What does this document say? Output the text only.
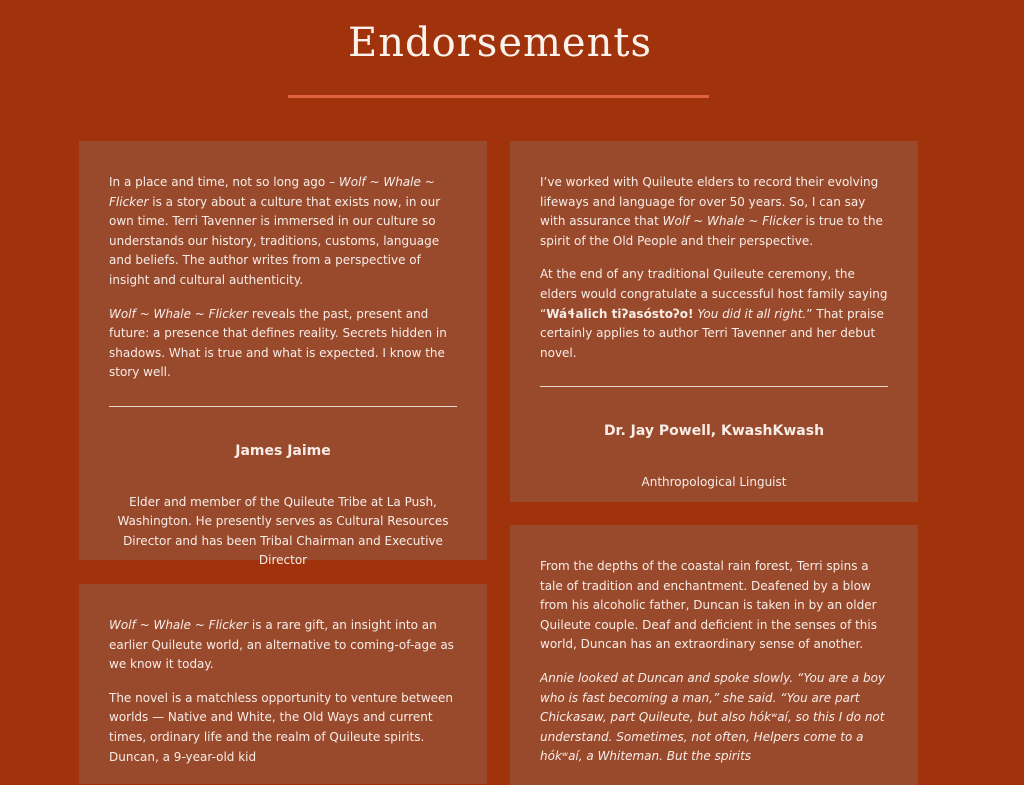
Endorsements

In a place and time, not so long ago – Wolf ~ Whale ~ Flicker is a story about a culture that exists now, in our own time. Terri Tavenner is immersed in our culture so understands our history, traditions, customs, language and beliefs. The author writes from a perspective of insight and cultural authenticity.

Wolf ~ Whale ~ Flicker reveals the past, present and future: a presence that defines reality. Secrets hidden in shadows. What is true and what is expected. I know the story well.

James Jaime
Elder and member of the Quileute Tribe at La Push, Washington. He presently serves as Cultural Resources Director and has been Tribal Chairman and Executive Director

I’ve worked with Quileute elders to record their evolving lifeways and language for over 50 years. So, I can say with assurance that Wolf ~ Whale ~ Flicker is true to the spirit of the Old People and their perspective.

At the end of any traditional Quileute ceremony, the elders would congratulate a successful host family saying “Wáɬalich tiʔasóstoʔo! You did it all right.” That praise certainly applies to author Terri Tavenner and her debut novel.

Dr. Jay Powell, KwashKwash
Anthropological Linguist

Wolf ~ Whale ~ Flicker is a rare gift, an insight into an earlier Quileute world, an alternative to coming-of-age as we know it today.

The novel is a matchless opportunity to venture between worlds — Native and White, the Old Ways and current times, ordinary life and the realm of Quileute spirits. Duncan, a 9-year-old kid

From the depths of the coastal rain forest, Terri spins a tale of tradition and enchantment. Deafened by a blow from his alcoholic father, Duncan is taken in by an older Quileute couple. Deaf and deficient in the senses of this world, Duncan has an extraordinary sense of another.

Annie looked at Duncan and spoke slowly. “You are a boy who is fast becoming a man,” she said. “You are part Chickasaw, part Quileute, but also hókʷaí, so this I do not understand. Sometimes, not often, Helpers come to a hókʷaí, a Whiteman. But the spirits
